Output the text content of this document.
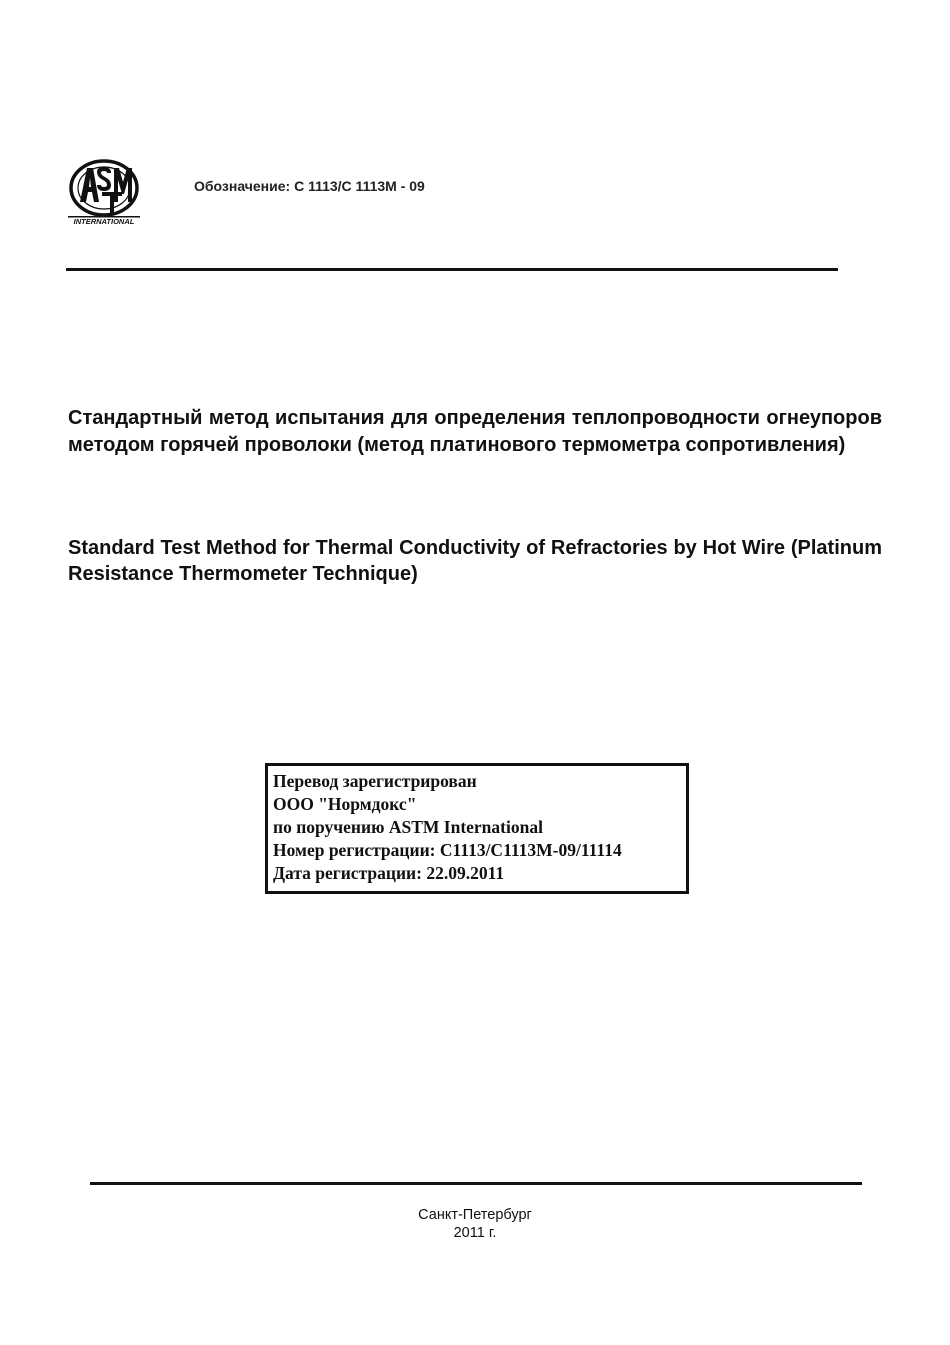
INTERNATIONAL
Обозначение: C 1113/C 1113M - 09
Стандартный метод испытания для определения теплопроводности огнеупоров методом горячей проволоки (метод платинового термометра сопротивления)
Standard Test Method for Thermal Conductivity of Refractories by Hot Wire (Platinum Resistance Thermometer Technique)
Перевод зарегистрирован
ООО "Нормдокс"
по поручению ASTM International
Номер регистрации: C1113/C1113M-09/11114
Дата регистрации: 22.09.2011
Санкт-Петербург
2011 г.
